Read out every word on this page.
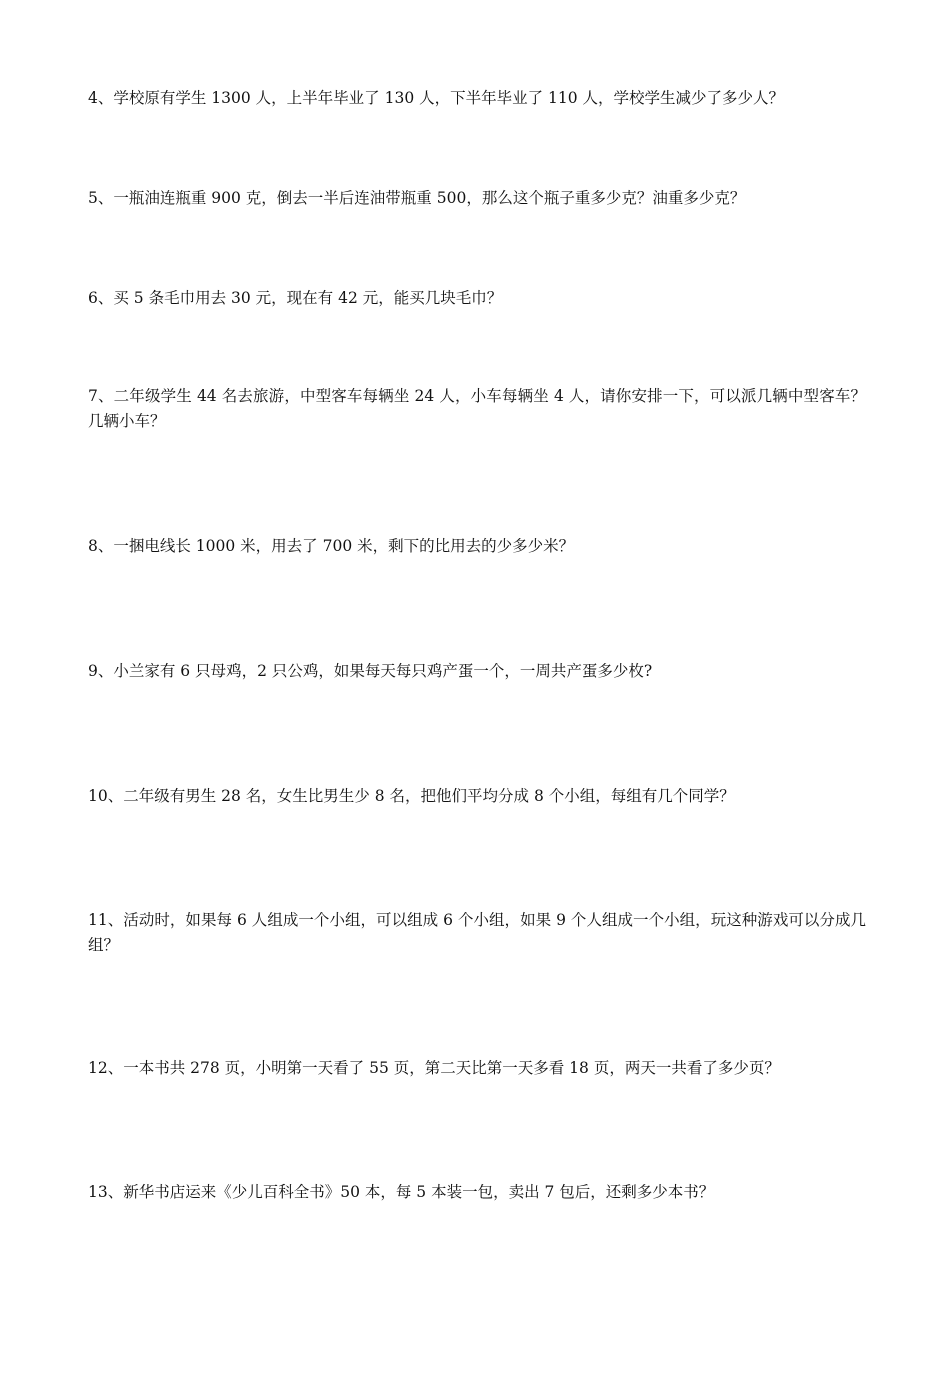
4、学校原有学生 1300 人，上半年毕业了 130 人，下半年毕业了 110 人，学校学生减少了多少人？

5、一瓶油连瓶重 900 克，倒去一半后连油带瓶重 500，那么这个瓶子重多少克？油重多少克？

6、买 5 条毛巾用去 30 元，现在有 42 元，能买几块毛巾？

7、二年级学生 44 名去旅游，中型客车每辆坐 24 人，小车每辆坐 4 人，请你安排一下，可以派几辆中型客车？几辆小车？

8、一捆电线长 1000 米，用去了 700 米，剩下的比用去的少多少米？

9、小兰家有 6 只母鸡，2 只公鸡，如果每天每只鸡产蛋一个，一周共产蛋多少枚?

10、二年级有男生 28 名，女生比男生少 8 名，把他们平均分成 8 个小组，每组有几个同学？

11、活动时，如果每 6 人组成一个小组，可以组成 6 个小组，如果 9 个人组成一个小组，玩这种游戏可以分成几组？

12、一本书共 278 页，小明第一天看了 55 页，第二天比第一天多看 18 页，两天一共看了多少页？

13、新华书店运来《少儿百科全书》50 本，每 5 本装一包，卖出 7 包后，还剩多少本书？
